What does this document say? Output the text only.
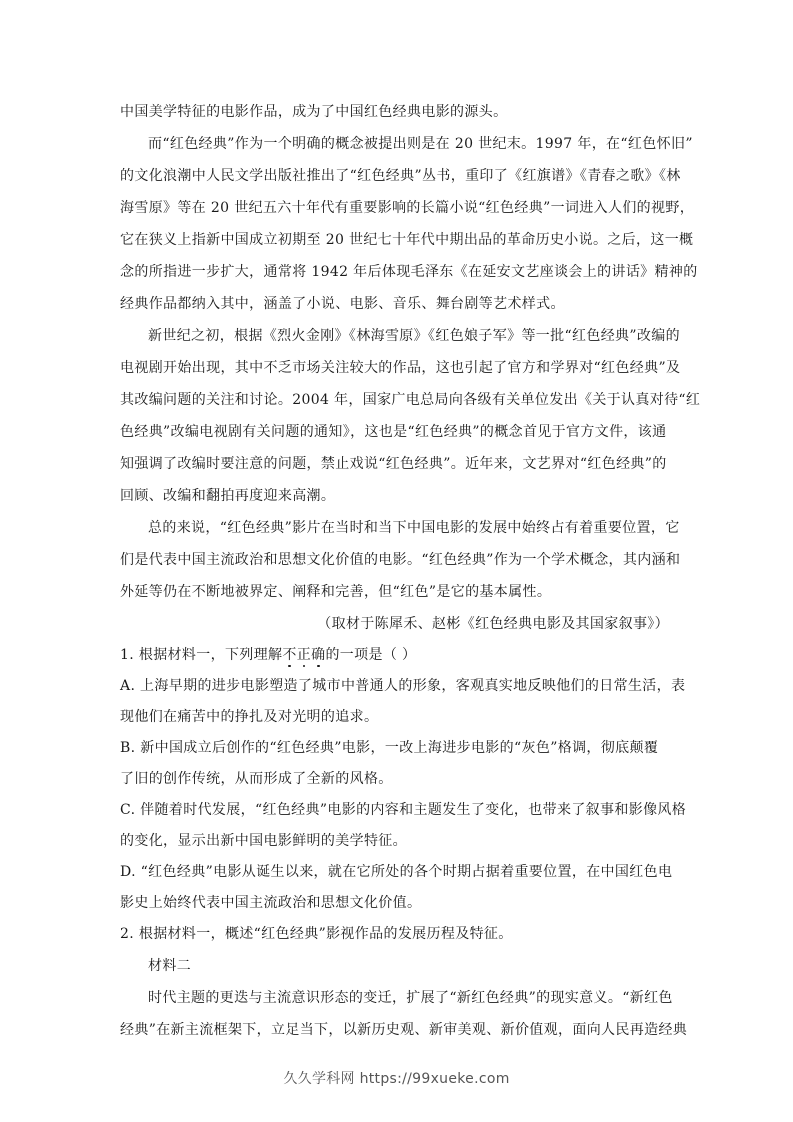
中国美学特征的电影作品，成为了中国红色经典电影的源头。
而“红色经典”作为一个明确的概念被提出则是在 20 世纪末。1997 年，在“红色怀旧”
的文化浪潮中人民文学出版社推出了“红色经典”丛书，重印了《红旗谱》《青春之歌》《林
海雪原》等在 20 世纪五六十年代有重要影响的长篇小说“红色经典”一词进入人们的视野，
它在狭义上指新中国成立初期至 20 世纪七十年代中期出品的革命历史小说。之后，这一概
念的所指进一步扩大，通常将 1942 年后体现毛泽东《在延安文艺座谈会上的讲话》精神的
经典作品都纳入其中，涵盖了小说、电影、音乐、舞台剧等艺术样式。
新世纪之初，根据《烈火金刚》《林海雪原》《红色娘子军》等一批“红色经典”改编的
电视剧开始出现，其中不乏市场关注较大的作品，这也引起了官方和学界对“红色经典”及
其改编问题的关注和讨论。2004 年，国家广电总局向各级有关单位发出《关于认真对待“红
色经典”改编电视剧有关问题的通知》，这也是“红色经典”的概念首见于官方文件，该通
知强调了改编时要注意的问题，禁止戏说“红色经典”。近年来，文艺界对“红色经典”的
回顾、改编和翻拍再度迎来高潮。
总的来说，“红色经典”影片在当时和当下中国电影的发展中始终占有着重要位置，它
们是代表中国主流政治和思想文化价值的电影。“红色经典”作为一个学术概念，其内涵和
外延等仍在不断地被界定、阐释和完善，但“红色”是它的基本属性。
（取材于陈犀禾、赵彬《红色经典电影及其国家叙事》）
1. 根据材料一，下列理解不正确的一项是（ ）
A. 上海早期的进步电影塑造了城市中普通人的形象，客观真实地反映他们的日常生活，表
现他们在痛苦中的挣扎及对光明的追求。
B. 新中国成立后创作的“红色经典”电影，一改上海进步电影的“灰色”格调，彻底颠覆
了旧的创作传统，从而形成了全新的风格。
C. 伴随着时代发展，“红色经典”电影的内容和主题发生了变化，也带来了叙事和影像风格
的变化，显示出新中国电影鲜明的美学特征。
D. “红色经典”电影从诞生以来，就在它所处的各个时期占据着重要位置，在中国红色电
影史上始终代表中国主流政治和思想文化价值。
2. 根据材料一，概述“红色经典”影视作品的发展历程及特征。
材料二
时代主题的更迭与主流意识形态的变迁，扩展了“新红色经典”的现实意义。“新红色
经典”在新主流框架下，立足当下，以新历史观、新审美观、新价值观，面向人民再造经典
久久学科网 https://99xueke.com
